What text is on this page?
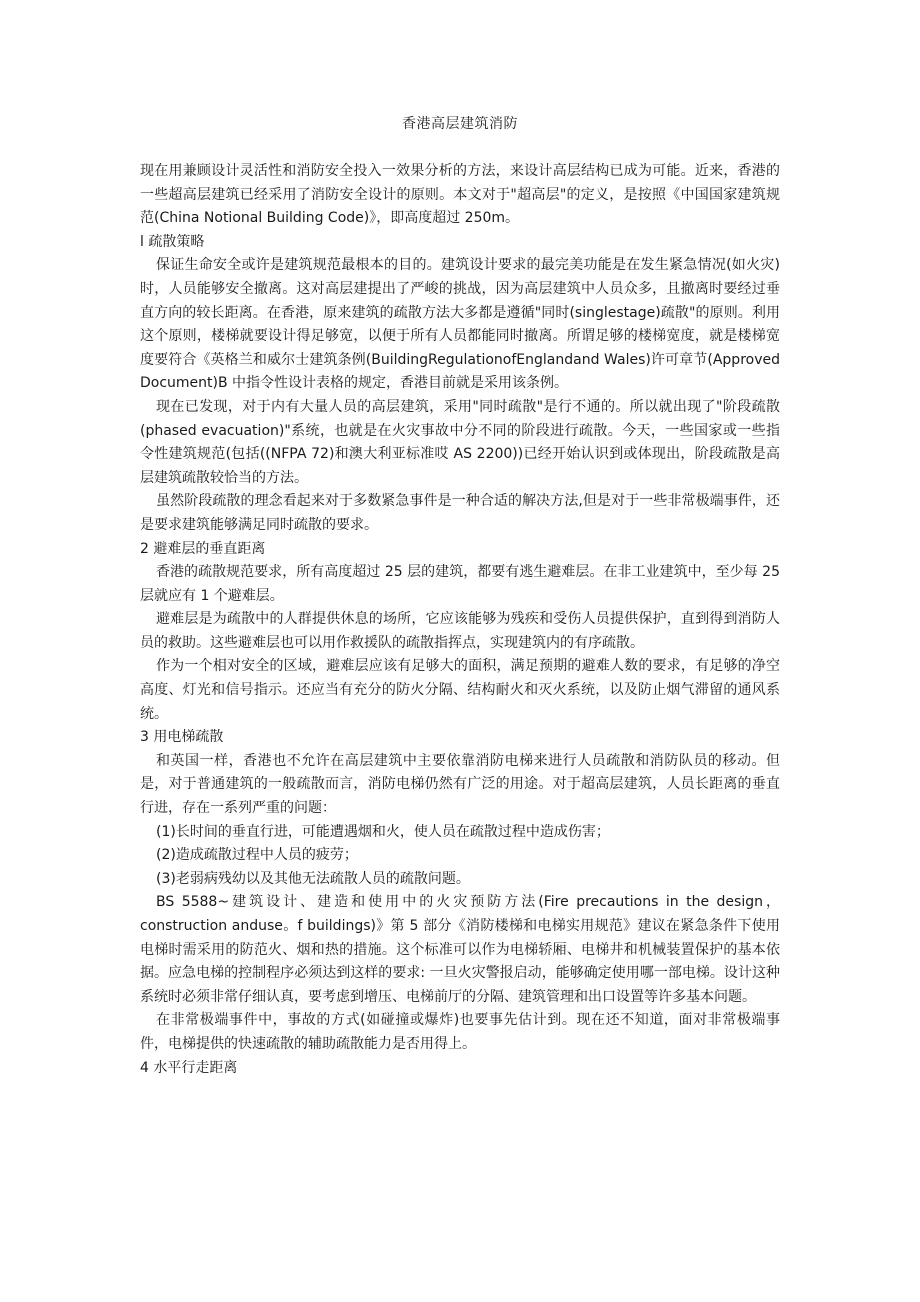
香港高层建筑消防

现在用兼顾设计灵活性和消防安全投入一效果分析的方法，来设计高层结构已成为可能。近来，香港的一些超高层建筑已经采用了消防安全设计的原则。本文对于"超高层"的定义，是按照《中国国家建筑规范(China Notional Building Code)》，即高度超过 250m。

l 疏散策略

保证生命安全或许是建筑规范最根本的目的。建筑设计要求的最完美功能是在发生紧急情况(如火灾)时，人员能够安全撤离。这对高层建提出了严峻的挑战，因为高层建筑中人员众多，且撤离时要经过垂直方向的较长距离。在香港，原来建筑的疏散方法大多都是遵循"同时(singlestage)疏散"的原则。利用这个原则，楼梯就要设计得足够宽，以便于所有人员都能同时撤离。所谓足够的楼梯宽度，就是楼梯宽度要符合《英格兰和威尔士建筑条例(BuildingRegulationofEnglandand Wales)许可章节(Approved Document)B 中指令性设计表格的规定，香港目前就是采用该条例。

现在已发现，对于内有大量人员的高层建筑，采用"同时疏散"是行不通的。所以就出现了"阶段疏散(phased evacuation)"系统，也就是在火灾事故中分不同的阶段进行疏散。今天，一些国家或一些指令性建筑规范(包括((NFPA 72)和澳大利亚标准哎 AS 2200))已经开始认识到或体现出，阶段疏散是高层建筑疏散较恰当的方法。

虽然阶段疏散的理念看起来对于多数紧急事件是一种合适的解决方法,但是对于一些非常极端事件，还是要求建筑能够满足同时疏散的要求。

2 避难层的垂直距离

香港的疏散规范要求，所有高度超过 25 层的建筑，都要有逃生避难层。在非工业建筑中，至少每 25 层就应有 1 个避难层。

避难层是为疏散中的人群提供休息的场所，它应该能够为残疾和受伤人员提供保护，直到得到消防人员的救助。这些避难层也可以用作救援队的疏散指挥点，实现建筑内的有序疏散。

作为一个相对安全的区域，避难层应该有足够大的面积，满足预期的避难人数的要求，有足够的净空高度、灯光和信号指示。还应当有充分的防火分隔、结构耐火和灭火系统，以及防止烟气滞留的通风系统。

3 用电梯疏散

和英国一样，香港也不允许在高层建筑中主要依靠消防电梯来进行人员疏散和消防队员的移动。但是，对于普通建筑的一般疏散而言，消防电梯仍然有广泛的用途。对于超高层建筑，人员长距离的垂直行进，存在一系列严重的问题：

(1)长时间的垂直行进，可能遭遇烟和火，使人员在疏散过程中造成伤害；

(2)造成疏散过程中人员的疲劳；

(3)老弱病残幼以及其他无法疏散人员的疏散问题。

BS 5588~建筑设计、建造和使用中的火灾预防方法(Fire precautions in the design，construction anduse。f buildings)》第 5 部分《消防楼梯和电梯实用规范》建议在紧急条件下使用电梯时需采用的防范火、烟和热的措施。这个标准可以作为电梯轿厢、电梯井和机械装置保护的基本依据。应急电梯的控制程序必须达到这样的要求: 一旦火灾警报启动，能够确定使用哪一部电梯。设计这种系统时必须非常仔细认真，要考虑到增压、电梯前厅的分隔、建筑管理和出口设置等许多基本问题。

在非常极端事件中，事故的方式(如碰撞或爆炸)也要事先估计到。现在还不知道，面对非常极端事件，电梯提供的快速疏散的辅助疏散能力是否用得上。

4 水平行走距离
